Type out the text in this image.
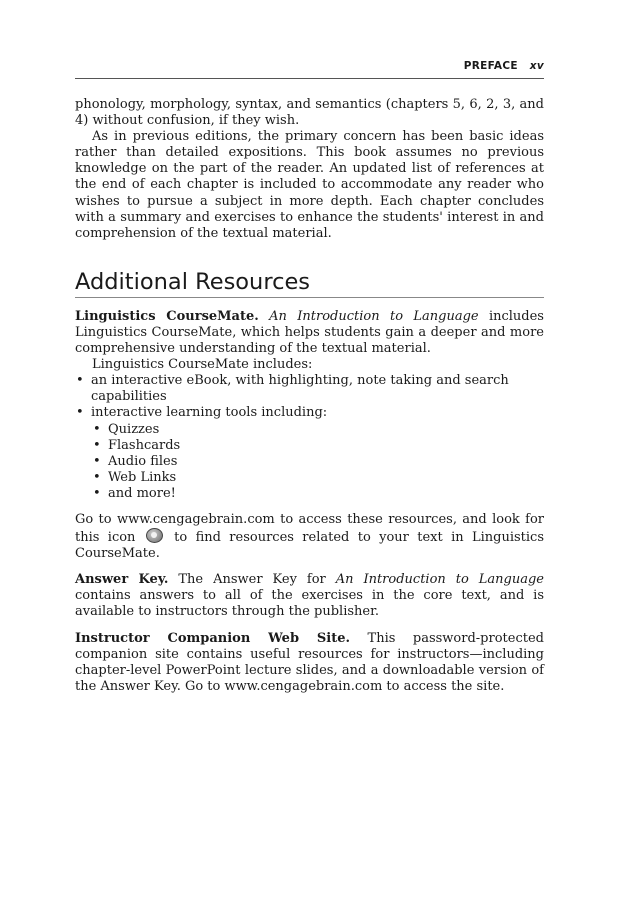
PREFACE xv

phonology, morphology, syntax, and semantics (chapters 5, 6, 2, 3, and 4) without confusion, if they wish.

As in previous editions, the primary concern has been basic ideas rather than detailed expositions. This book assumes no previous knowledge on the part of the reader. An updated list of references at the end of each chapter is included to accommodate any reader who wishes to pursue a subject in more depth. Each chapter concludes with a summary and exercises to enhance the students' interest in and comprehension of the textual material.

Additional Resources

Linguistics CourseMate. An Introduction to Language includes Linguistics CourseMate, which helps students gain a deeper and more comprehensive understanding of the textual material.

Linguistics CourseMate includes:

• an interactive eBook, with highlighting, note taking and search capabilities
• interactive learning tools including:
• Quizzes
• Flashcards
• Audio files
• Web Links
• and more!

Go to www.cengagebrain.com to access these resources, and look for this icon  to find resources related to your text in Linguistics CourseMate.

Answer Key. The Answer Key for An Introduction to Language contains answers to all of the exercises in the core text, and is available to instructors through the publisher.

Instructor Companion Web Site. This password-protected companion site contains useful resources for instructors—including chapter-level PowerPoint lecture slides, and a downloadable version of the Answer Key. Go to www.cengagebrain.com to access the site.
